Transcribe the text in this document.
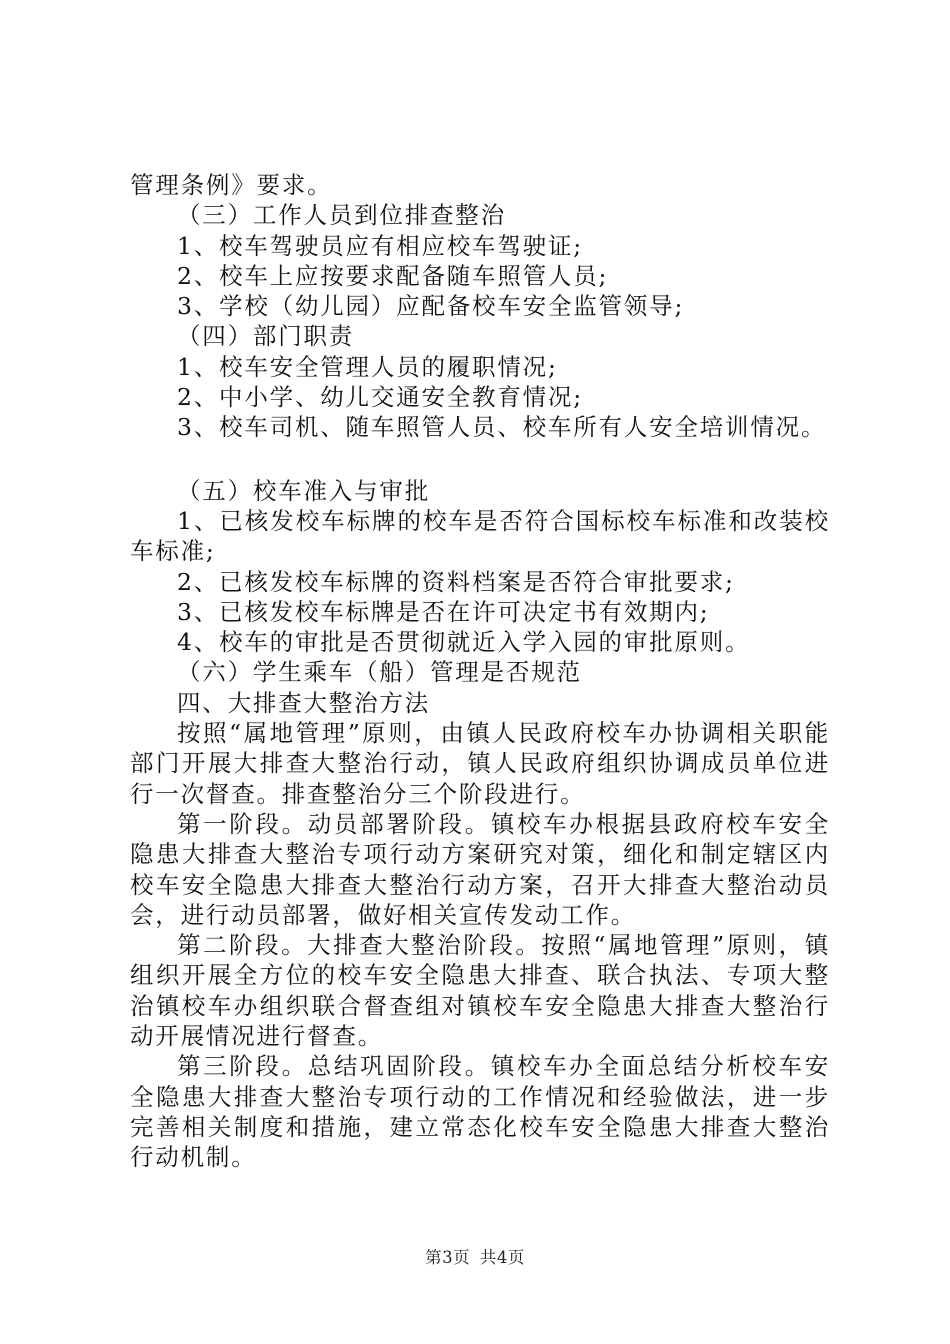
管理条例》要求。
（三）工作人员到位排查整治
1、校车驾驶员应有相应校车驾驶证;
2、校车上应按要求配备随车照管人员;
3、学校（幼儿园）应配备校车安全监管领导;
（四）部门职责
1、校车安全管理人员的履职情况;
2、中小学、幼儿交通安全教育情况;
3、校车司机、随车照管人员、校车所有人安全培训情况。
（五）校车准入与审批

1、已核发校车标牌的校车是否符合国标校车标准和改装校车标准;

2、已核发校车标牌的资料档案是否符合审批要求;
3、已核发校车标牌是否在许可决定书有效期内;
4、校车的审批是否贯彻就近入学入园的审批原则。
（六）学生乘车（船）管理是否规范
四、大排查大整治方法

按照“属地管理”原则，由镇人民政府校车办协调相关职能部门开展大排查大整治行动，镇人民政府组织协调成员单位进行一次督查。排查整治分三个阶段进行。

第一阶段。动员部署阶段。镇校车办根据县政府校车安全隐患大排查大整治专项行动方案研究对策，细化和制定辖区内校车安全隐患大排查大整治行动方案，召开大排查大整治动员会，进行动员部署，做好相关宣传发动工作。

第二阶段。大排查大整治阶段。按照“属地管理”原则，镇组织开展全方位的校车安全隐患大排查、联合执法、专项大整治镇校车办组织联合督查组对镇校车安全隐患大排查大整治行动开展情况进行督查。

第三阶段。总结巩固阶段。镇校车办全面总结分析校车安全隐患大排查大整治专项行动的工作情况和经验做法，进一步完善相关制度和措施，建立常态化校车安全隐患大排查大整治行动机制。

第3页 共4页
